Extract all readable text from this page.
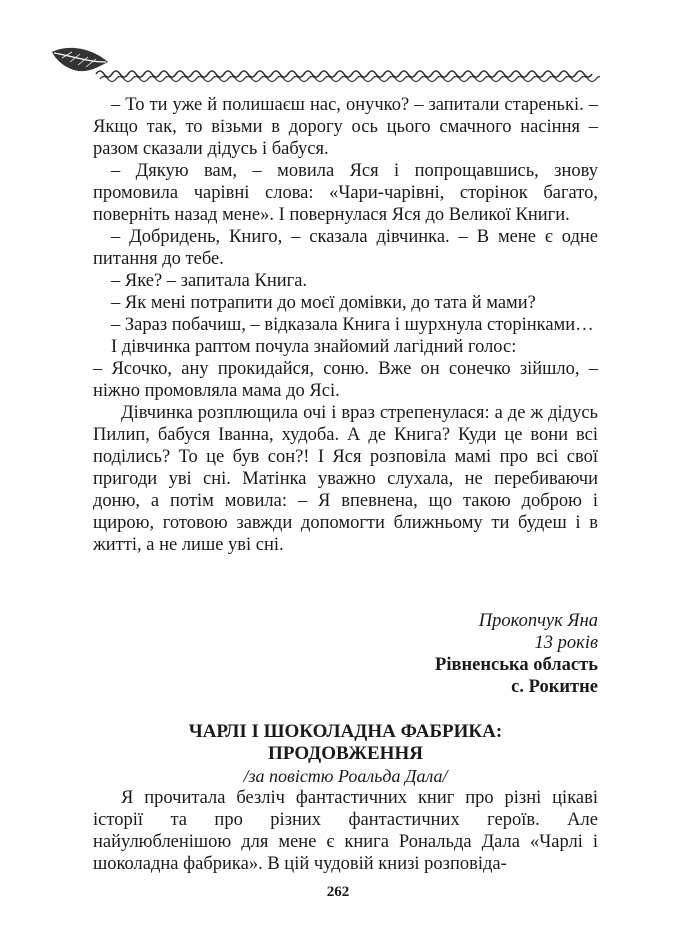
– То ти уже й полишаєш нас, онучко? – запитали старенькі. – Якщо так, то візьми в дорогу ось цього смачного насіння – разом сказали дідусь і бабуся.

– Дякую вам, – мовила Яся і попрощавшись, знову промовила чарівні слова: «Чари-чарівні, сторінок багато, поверніть назад мене». І повернулася Яся до Великої Книги.

– Добридень, Книго, – сказала дівчинка. – В мене є одне питання до тебе.

– Яке? – запитала Книга.

– Як мені потрапити до моєї домівки, до тата й мами?

– Зараз побачиш, – відказала Книга і шурхнула сторінками…

І дівчинка раптом почула знайомий лагідний голос:

– Ясочко, ану прокидайся, соню. Вже он сонечко зійшло, – ніжно промовляла мама до Ясі.

Дівчинка розплющила очі і враз стрепенулася: а де ж дідусь Пилип, бабуся Іванна, худоба. А де Книга? Куди це вони всі поділись? То це був сон?! І Яся розповіла мамі про всі свої пригоди уві сні. Матінка уважно слухала, не перебиваючи доню, а потім мовила: – Я впевнена, що такою доброю і щирою, готовою завжди допомогти ближньому ти будеш і в житті, а не лише уві сні.

Прокопчук Яна
13 років
Рівненська область
с. Рокитне
ЧАРЛІ І ШОКОЛАДНА ФАБРИКА:
ПРОДОВЖЕННЯ
/за повістю Роальда Дала/

Я прочитала безліч фантастичних книг про різні цікаві історії та про різних фантастичних героїв. Але найулюбленішою для мене є книга Рональда Дала «Чарлі і шоколадна фабрика». В цій чудовій книзі розповіда-

262
